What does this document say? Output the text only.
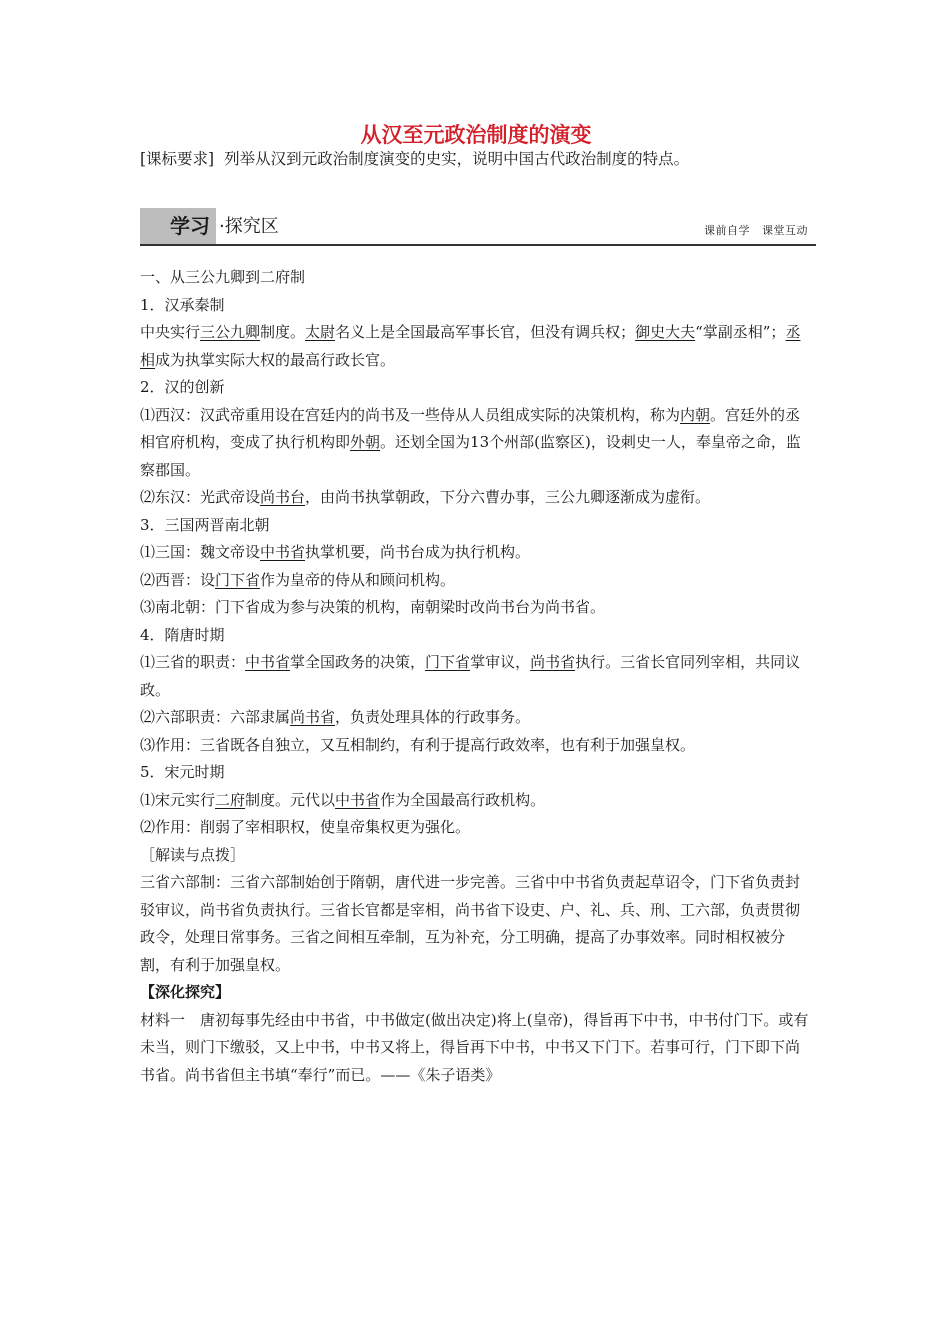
从汉至元政治制度的演变
[课标要求] 列举从汉到元政治制度演变的史实，说明中国古代政治制度的特点。
学习 ·探究区	课前自学 课堂互动

一、从三公九卿到二府制

1．汉承秦制

中央实行三公九卿制度。太尉名义上是全国最高军事长官，但没有调兵权；御史大夫“掌副丞相”；丞相成为执掌实际大权的最高行政长官。

2．汉的创新

⑴西汉：汉武帝重用设在宫廷内的尚书及一些侍从人员组成实际的决策机构，称为内朝。宫廷外的丞相官府机构，变成了执行机构即外朝。还划全国为13个州部(监察区)，设刺史一人，奉皇帝之命，监察郡国。

⑵东汉：光武帝设尚书台，由尚书执掌朝政，下分六曹办事，三公九卿逐渐成为虚衔。

3．三国两晋南北朝

⑴三国：魏文帝设中书省执掌机要，尚书台成为执行机构。

⑵西晋：设门下省作为皇帝的侍从和顾问机构。

⑶南北朝：门下省成为参与决策的机构，南朝梁时改尚书台为尚书省。

4．隋唐时期

⑴三省的职责：中书省掌全国政务的决策，门下省掌审议，尚书省执行。三省长官同列宰相，共同议政。

⑵六部职责：六部隶属尚书省，负责处理具体的行政事务。

⑶作用：三省既各自独立，又互相制约，有利于提高行政效率，也有利于加强皇权。

5．宋元时期

⑴宋元实行二府制度。元代以中书省作为全国最高行政机构。

⑵作用：削弱了宰相职权，使皇帝集权更为强化。

［解读与点拨］

三省六部制：三省六部制始创于隋朝，唐代进一步完善。三省中中书省负责起草诏令，门下省负责封驳审议，尚书省负责执行。三省长官都是宰相，尚书省下设吏、户、礼、兵、刑、工六部，负责贯彻政令，处理日常事务。三省之间相互牵制，互为补充，分工明确，提高了办事效率。同时相权被分割，有利于加强皇权。

【深化探究】

材料一　唐初每事先经由中书省，中书做定(做出决定)将上(皇帝)，得旨再下中书，中书付门下。或有未当，则门下缴驳，又上中书，中书又将上，得旨再下中书，中书又下门下。若事可行，门下即下尚书省。尚书省但主书填“奉行”而已。——《朱子语类》
